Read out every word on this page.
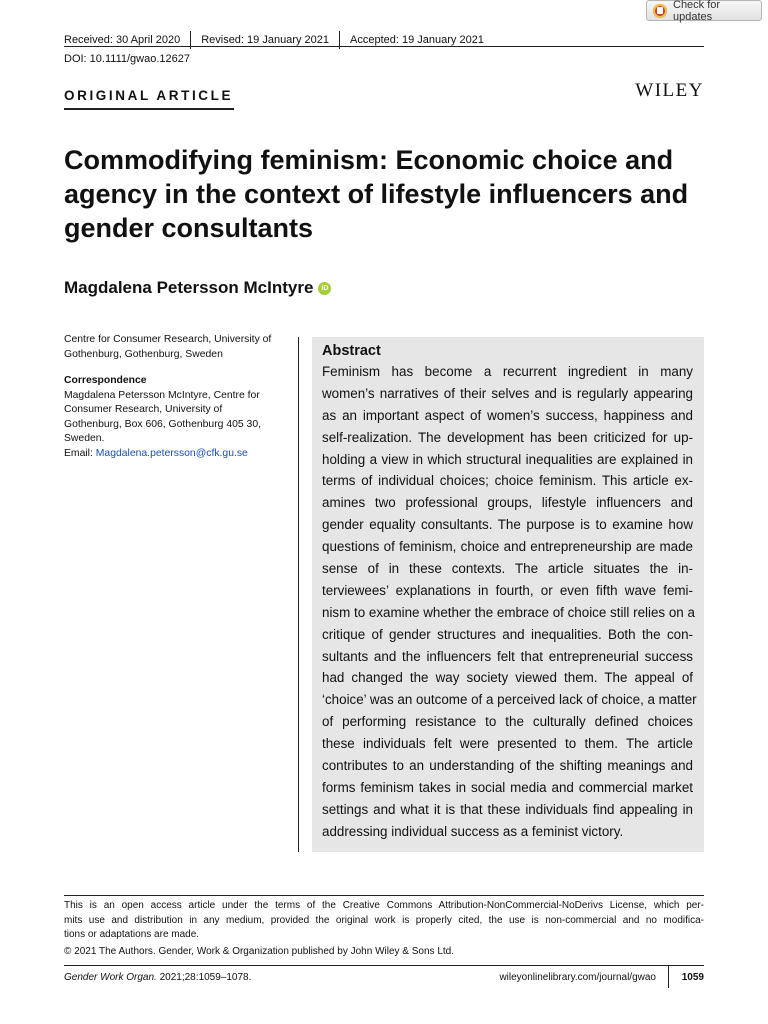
Check for updates
Received: 30 April 2020 Revised: 19 January 2021 Accepted: 19 January 2021
DOI: 10.1111/gwao.12627
ORIGINAL ARTICLE	WILEY
Commodifying feminism: Economic choice and
agency in the context of lifestyle influencers and
gender consultants
Magdalena Petersson McIntyre	iD

Centre for Consumer Research, University of
Gothenburg, Gothenburg, Sweden

Correspondence
Magdalena Petersson McIntyre, Centre for
Consumer Research, University of
Gothenburg, Box 606, Gothenburg 405 30,
Sweden.
Email: Magdalena.petersson@cfk.gu.se

Abstract
Feminism has become a recurrent ingredient in many
women’s narratives of their selves and is regularly appearing
as an important aspect of women’s success, happiness and
self-realization. The development has been criticized for up-
holding a view in which structural inequalities are explained in
terms of individual choices; choice feminism. This article ex-
amines two professional groups, lifestyle influencers and
gender equality consultants. The purpose is to examine how
questions of feminism, choice and entrepreneurship are made
sense of in these contexts. The article situates the in-
terviewees’ explanations in fourth, or even fifth wave femi-
nism to examine whether the embrace of choice still relies on a
critique of gender structures and inequalities. Both the con-
sultants and the influencers felt that entrepreneurial success
had changed the way society viewed them. The appeal of
‘choice’ was an outcome of a perceived lack of choice, a matter
of performing resistance to the culturally defined choices
these individuals felt were presented to them. The article
contributes to an understanding of the shifting meanings and
forms feminism takes in social media and commercial market
settings and what it is that these individuals find appealing in
addressing individual success as a feminist victory.
This is an open access article under the terms of the Creative Commons Attribution-NonCommercial-NoDerivs License, which per-
mits use and distribution in any medium, provided the original work is properly cited, the use is non-commercial and no modifica-
tions or adaptations are made.
© 2021 The Authors. Gender, Work & Organization published by John Wiley & Sons Ltd.
Gender Work Organ. 2021;28:1059–1078.	wileyonlinelibrary.com/journal/gwao	1059
